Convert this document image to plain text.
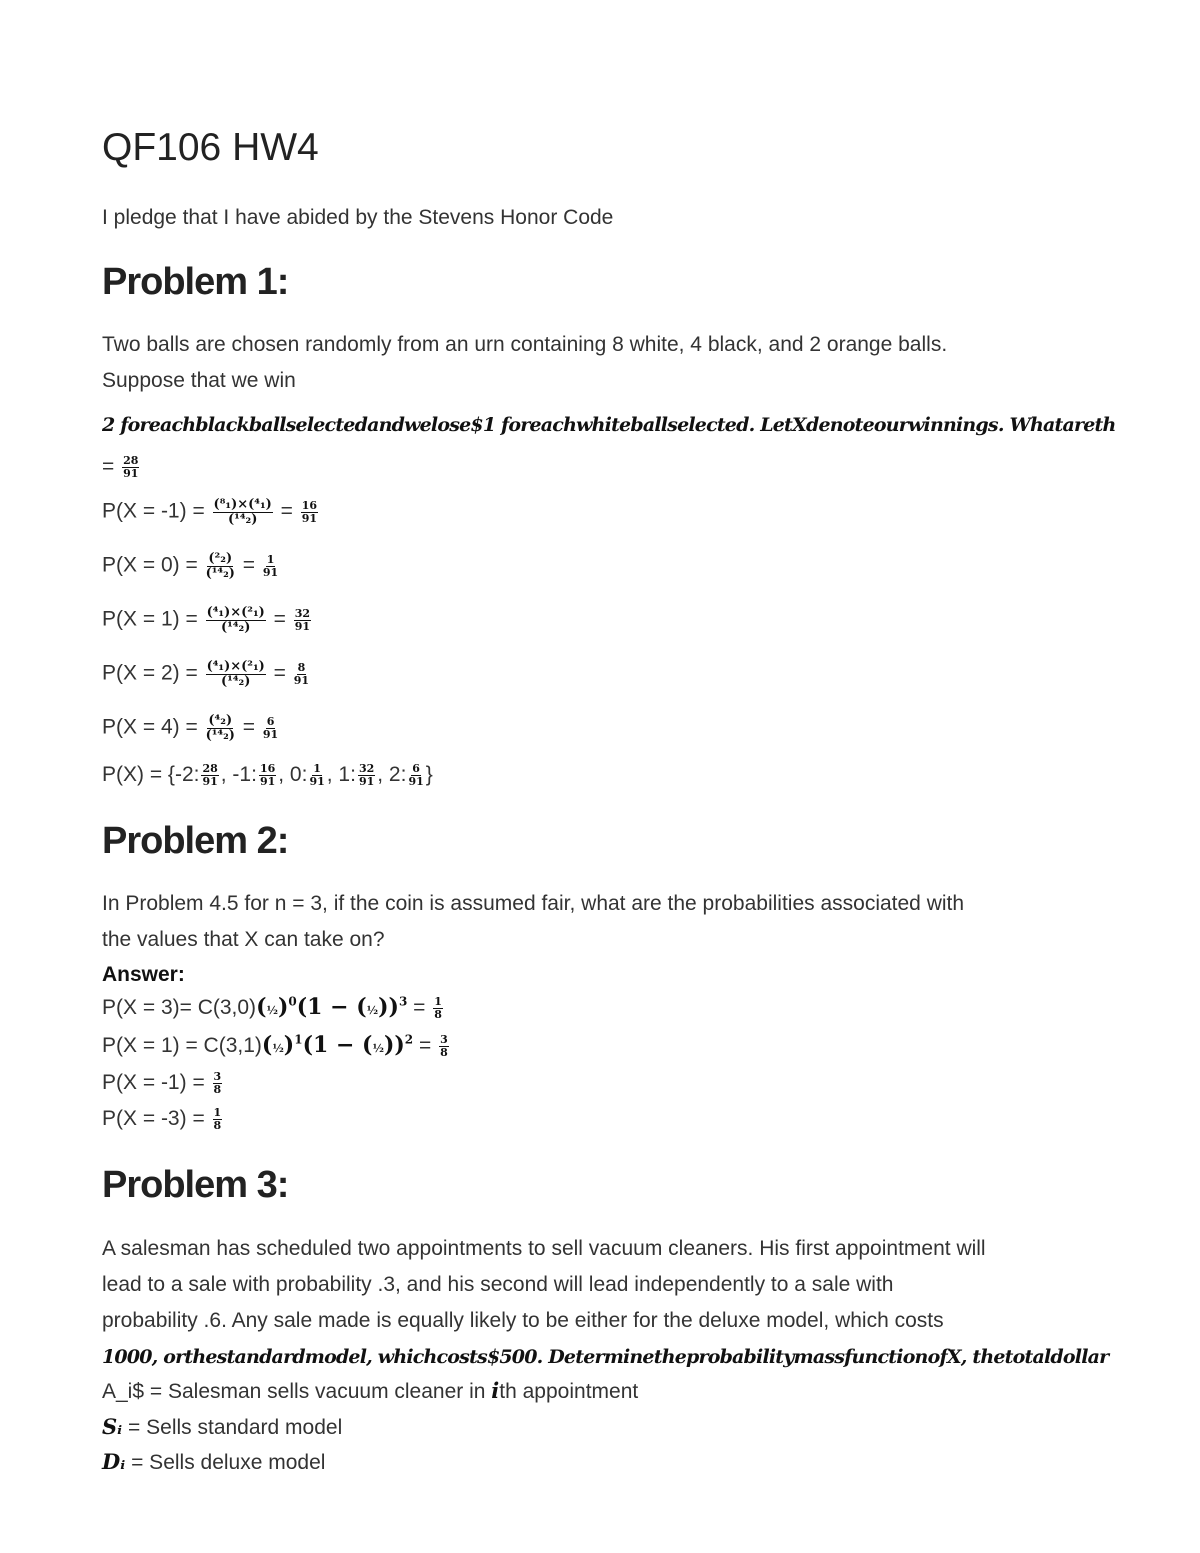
QF106 HW4
I pledge that I have abided by the Stevens Honor Code
Problem 1:
Two balls are chosen randomly from an urn containing 8 white, 4 black, and 2 orange balls.
Suppose that we win
2 foreachblackballselectedandwelose$1 foreachwhiteballselected. LetXdenoteourwinnings. Whatareth
= $\frac{28}{91}$
$P(X = -1) = \frac{\text{(⁸₁)×(⁴₁)}}{\text{(¹⁴₂)}} = \frac{16}{91}$
$P(X = 0) = \frac{\text{(²₂)}}{\text{(¹⁴₂)}} = \frac{1}{91}$
$P(X = 1) = \frac{\text{(⁴₁)×(²₁)}}{\text{(¹⁴₂)}} = \frac{32}{91}$
$P(X = 2) = \frac{\text{(⁴₁)×(²₁)}}{\text{(¹⁴₂)}} = \frac{8}{91}$
$P(X = 4) = \frac{\text{(⁴₂)}}{\text{(¹⁴₂)}} = \frac{6}{91}$
P(X) = {-2: $\frac{28}{91}$ , -1: $\frac{16}{91}$ , 0: $\frac{1}{91}$ , 1: $\frac{32}{91}$ , 2: $\frac{6}{91}$ }
Problem 2:
In Problem 4.5 for n = 3, if the coin is assumed fair, what are the probabilities associated with
the values that X can take on?
Answer:
P(X = 3)= C(3,0)(½)$^0$(1 − (½))$^3$ = $\frac{1}{8}$
P(X = 1) = C(3,1)(½)$^1$(1 − (½))$^2$ = $\frac{3}{8}$
$P(X = -1) = \frac{3}{8}$
$P(X = -3) = \frac{1}{8}$
Problem 3:
A salesman has scheduled two appointments to sell vacuum cleaners. His first appointment will
lead to a sale with probability .3, and his second will lead independently to a sale with
probability .6. Any sale made is equally likely to be either for the deluxe model, which costs
1000, orthestandardmodel, whichcosts$500. DeterminetheprobabilitymassfunctionofX, thetotaldollar
A_i$ = Salesman sells vacuum cleaner in ith appointment
Sᵢ = Sells standard model
Dᵢ = Sells deluxe model
